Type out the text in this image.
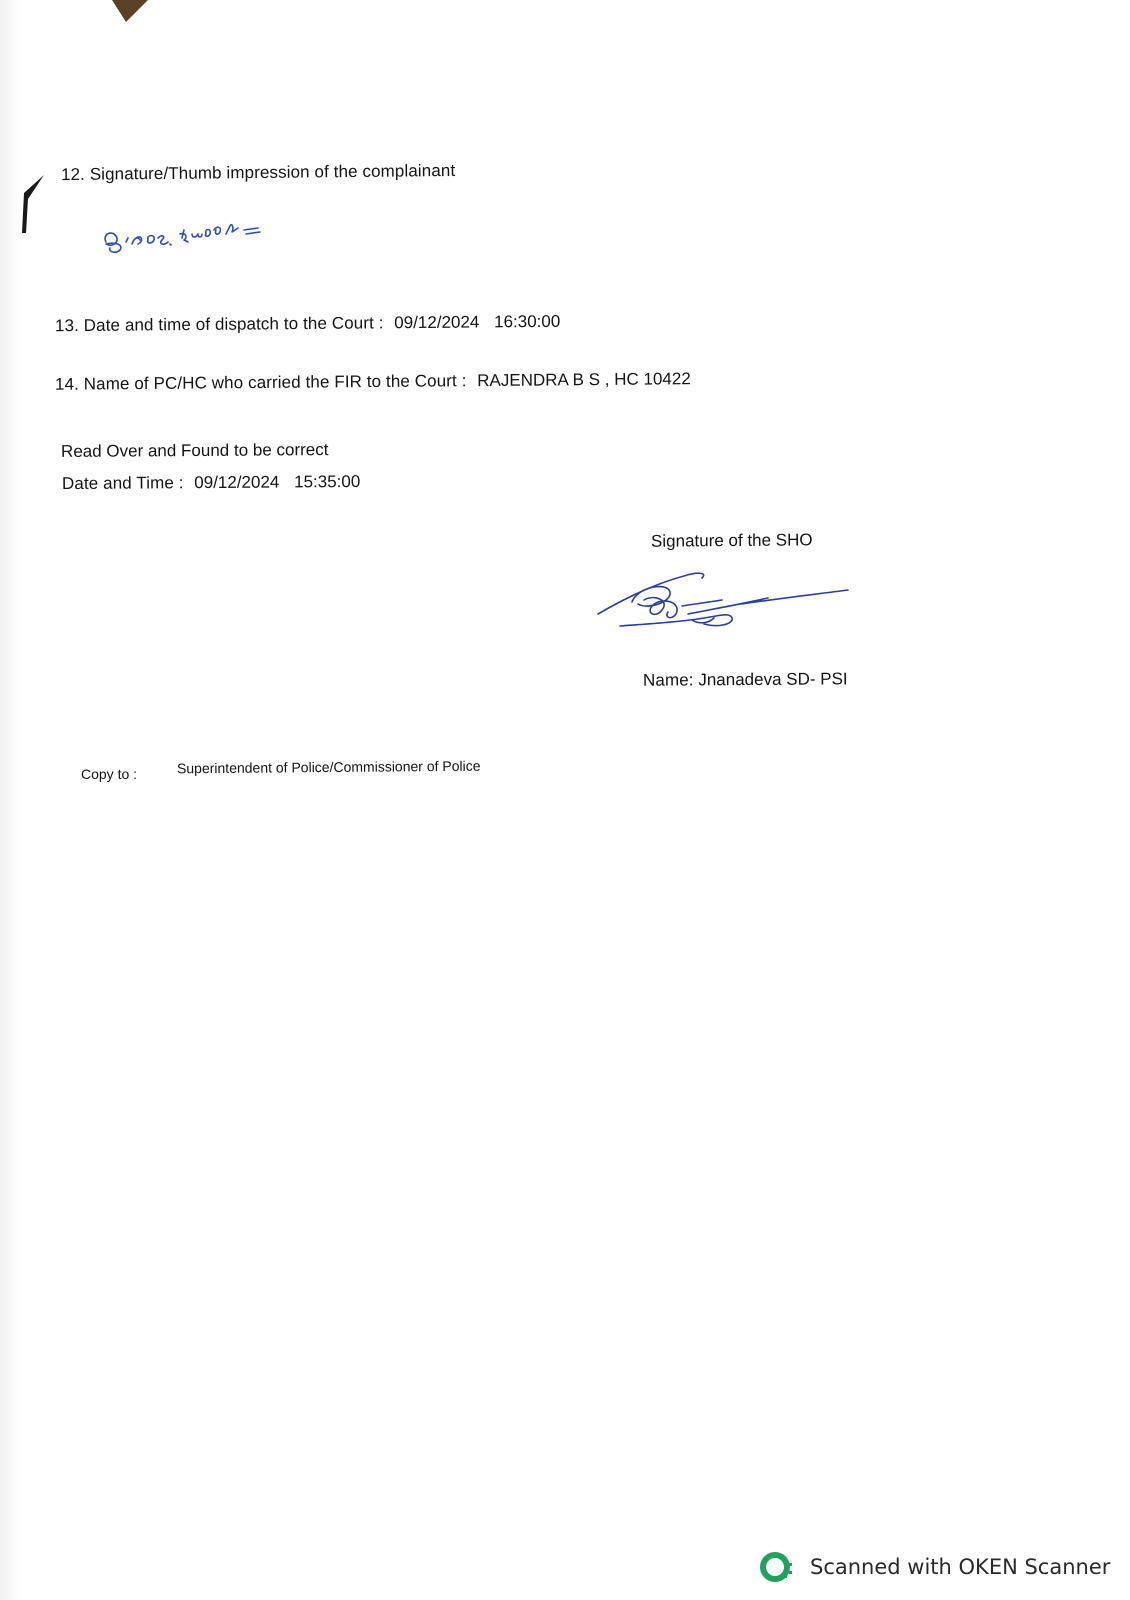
12. Signature/Thumb impression of the complainant
13. Date and time of dispatch to the Court : 09/12/2024 16:30:00
14. Name of PC/HC who carried the FIR to the Court : RAJENDRA B S , HC 10422
Read Over and Found to be correct
Date and Time : 09/12/2024 15:35:00
Signature of the SHO
Name: Jnanadeva SD- PSI
Copy to :	Superintendent of Police/Commissioner of Police
Scanned with OKEN Scanner
